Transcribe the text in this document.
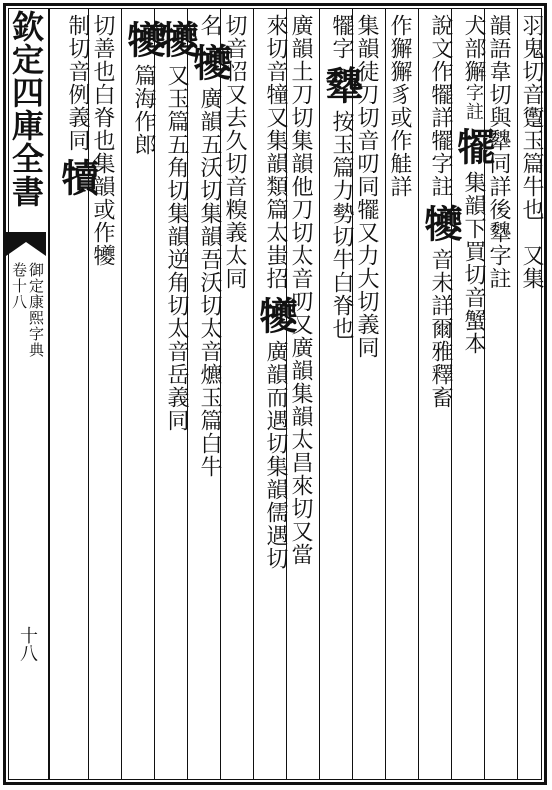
欽定四庫全書
御定康熙字典
卷十八
十八
羽鬼切音躗玉篇牛也　又集
韻語韋切與犩同詳後犩字註
犬部獬字註犤集韻下買切音蟹本
說文作犤詳犤字註犪音未詳爾雅釋畜
作獬獬豸或作觟詳
集韻徒刀切音叨同犤又力大切義同
犤字犩按玉篇力勢切牛白脊也
廣韻土刀切集韻他刀切太音叨又廣韻集韻太昌來切又當
來切音犝又集韻類篇太蚩招犪廣韻而遇切集韻儒遇切
切音怊又去久切音糗義太同
名犪廣韻五沃切集韻吾沃切太音爊玉篇白牛
犪又玉篇五角切集韻逆角切太音岳義同
犪篇海作郎
切善也白脊也集韻或作犪
制切音例義同犢
